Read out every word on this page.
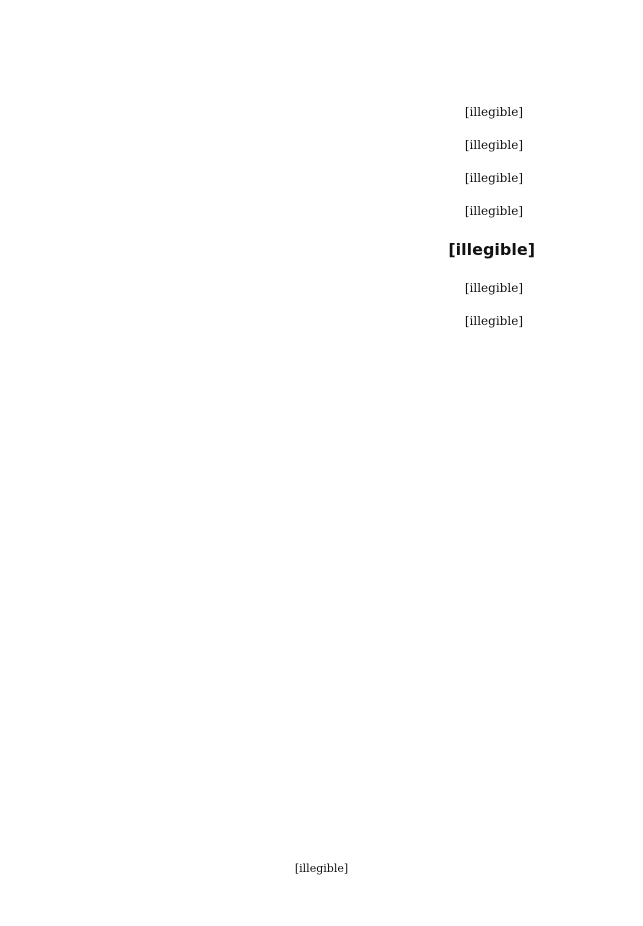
[illegible]

[illegible]

[illegible]

[illegible]

[illegible]

[illegible]

[illegible]

[illegible]
